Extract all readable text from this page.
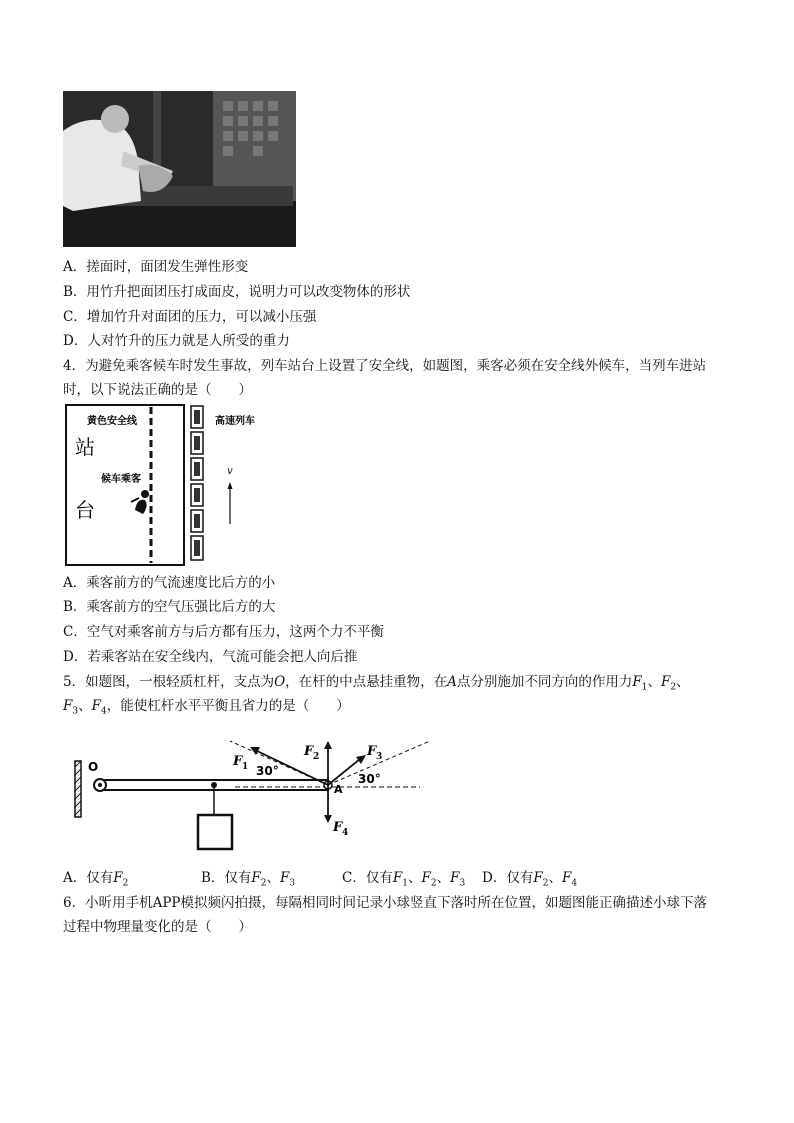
A．搓面时，面团发生弹性形变
B．用竹升把面团压打成面皮，说明力可以改变物体的形状
C．增加竹升对面团的压力，可以减小压强
D．人对竹升的压力就是人所受的重力
4．为避免乘客候车时发生事故，列车站台上设置了安全线，如题图，乘客必须在安全线外候车，当列车进站
时，以下说法正确的是（　　）
黄色安全线
站
候车乘客
台
高速列车
v
A．乘客前方的气流速度比后方的小
B．乘客前方的空气压强比后方的大
C．空气对乘客前方与后方都有压力，这两个力不平衡
D．若乘客站在安全线内，气流可能会把人向后推
5．如题图，一根轻质杠杆，支点为O，在杆的中点悬挂重物，在A点分别施加不同方向的作用力$F_1$、$F_2$、
$F_3$、$F_4$，能使杠杆水平平衡且省力的是（　　）
O
A
F 1 30°
F 2
F 4
F 3
30°
A．仅有$F_2$	B．仅有$F_2$、$F_3$	C．仅有$F_1$、$F_2$、$F_3$ D．仅有$F_2$、$F_4$
6．小昕用手机APP模拟频闪拍摄，每隔相同时间记录小球竖直下落时所在位置，如题图能正确描述小球下落
过程中物理量变化的是（　　）
